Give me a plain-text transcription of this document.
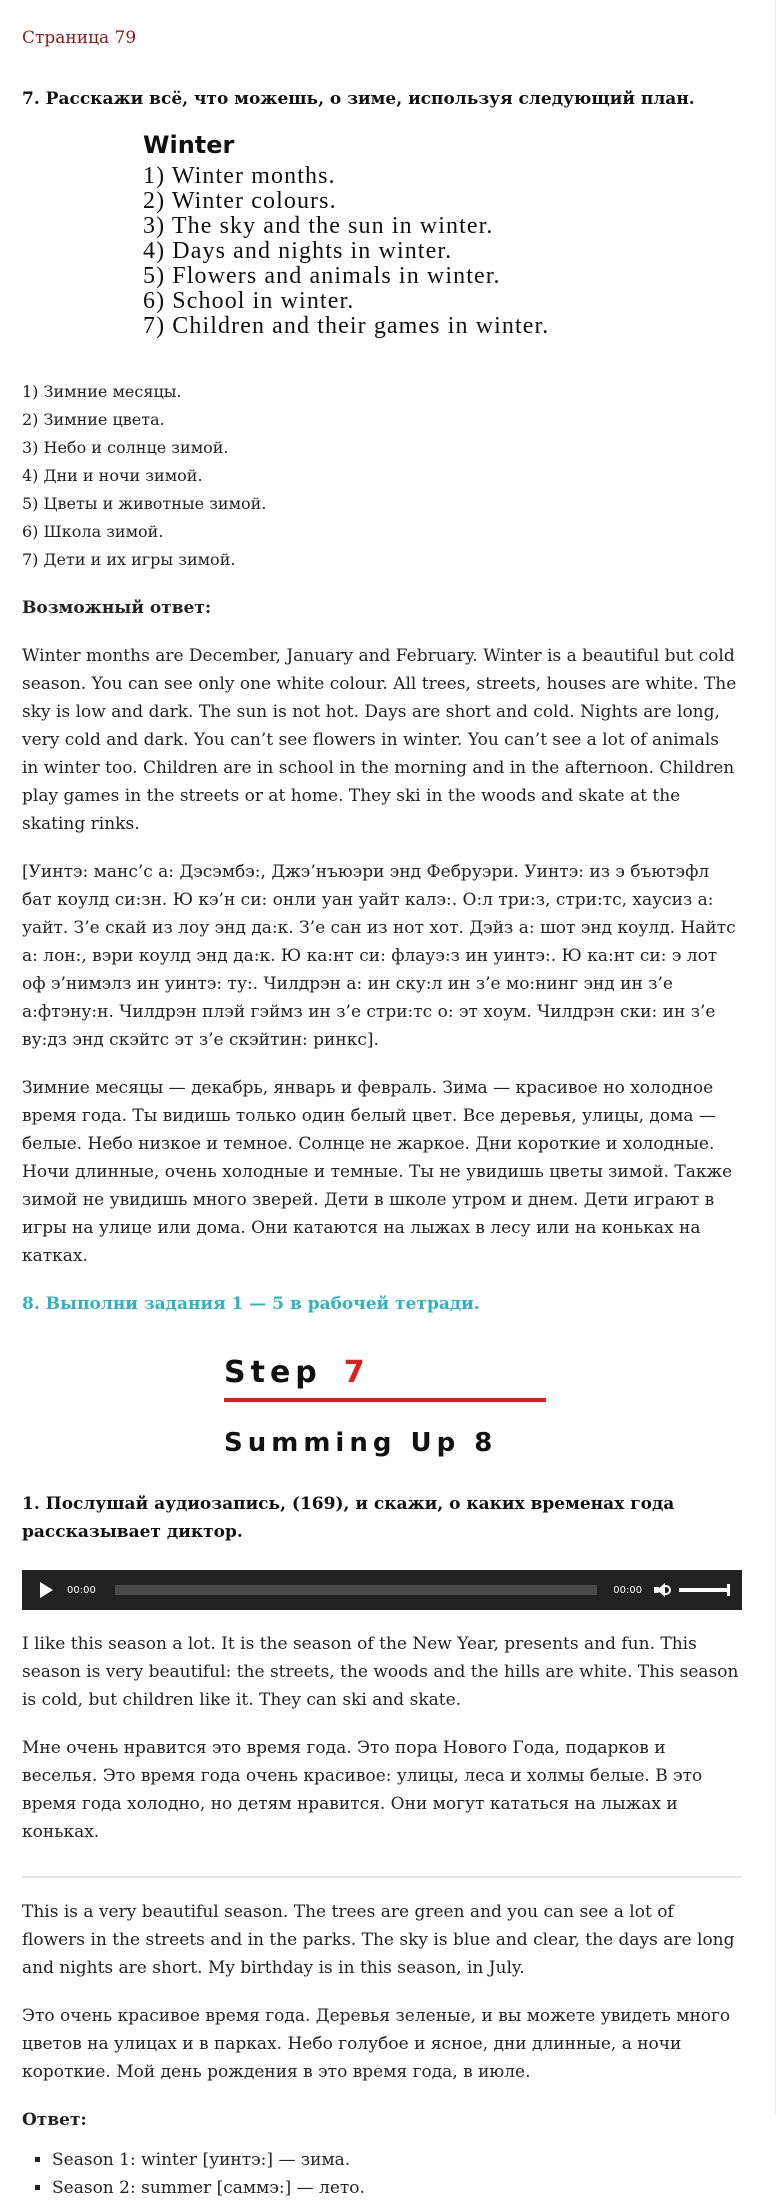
Страница 79
7. Расскажи всё, что можешь, о зиме, используя следующий план.
Winter
1) Winter months.
2) Winter colours.
3) The sky and the sun in winter.
4) Days and nights in winter.
5) Flowers and animals in winter.
6) School in winter.
7) Children and their games in winter.
1) Зимние месяцы.
2) Зимние цвета.
3) Небо и солнце зимой.
4) Дни и ночи зимой.
5) Цветы и животные зимой.
6) Школа зимой.
7) Дети и их игры зимой.
Возможный ответ:

Winter months are December, January and February. Winter is a beautiful but cold season. You can see only one white colour. All trees, streets, houses are white. The sky is low and dark. The sun is not hot. Days are short and cold. Nights are long, very cold and dark. You can’t see flowers in winter. You can’t see a lot of animals in winter too. Children are in school in the morning and in the afternoon. Children play games in the streets or at home. They ski in the woods and skate at the skating rinks.

[Уинтэ: манс’с а: Дэсэмбэ:, Джэ’нъюэри энд Фебруэри. Уинтэ: из э бъютэфл бат коулд си:зн. Ю кэ’н си: онли уан уайт калэ:. О:л три:з, стри:тс, хаусиз а: уайт. З’е скай из лоу энд да:к. З’е сан из нот хот. Дэйз а: шот энд коулд. Найтс а: лон:, вэри коулд энд да:к. Ю ка:нт си: флауэ:з ин уинтэ:. Ю ка:нт си: э лот оф э’нимэлз ин уинтэ: ту:. Чилдрэн а: ин ску:л ин з’е мо:нинг энд ин з’е а:фтэну:н. Чилдрэн плэй гэймз ин з’е стри:тс о: эт хоум. Чилдрэн ски: ин з’е ву:дз энд скэйтс эт з’е скэйтин: ринкс].

Зимние месяцы — декабрь, январь и февраль. Зима — красивое но холодное время года. Ты видишь только один белый цвет. Все деревья, улицы, дома — белые. Небо низкое и темное. Солнце не жаркое. Дни короткие и холодные. Ночи длинные, очень холодные и темные. Ты не увидишь цветы зимой. Также зимой не увидишь много зверей. Дети в школе утром и днем. Дети играют в игры на улице или дома. Они катаются на лыжах в лесу или на коньках на катках.

8. Выполни задания 1 — 5 в рабочей тетради.
Step 7
Summing Up 8
1. Послушай аудиозапись, (169), и скажи, о каких временах года рассказывает диктор.
00:00	00:00

I like this season a lot. It is the season of the New Year, presents and fun. This season is very beautiful: the streets, the woods and the hills are white. This season is cold, but children like it. They can ski and skate.

Мне очень нравится это время года. Это пора Нового Года, подарков и веселья. Это время года очень красивое: улицы, леса и холмы белые. В это время года холодно, но детям нравится. Они могут кататься на лыжах и коньках.

This is a very beautiful season. The trees are green and you can see a lot of flowers in the streets and in the parks. The sky is blue and clear, the days are long and nights are short. My birthday is in this season, in July.

Это очень красивое время года. Деревья зеленые, и вы можете увидеть много цветов на улицах и в парках. Небо голубое и ясное, дни длинные, а ночи короткие. Мой день рождения в это время года, в июле.

Ответ:
▪ Season 1: winter [уинтэ:] — зима.
▪ Season 2: summer [саммэ:] — лето.
